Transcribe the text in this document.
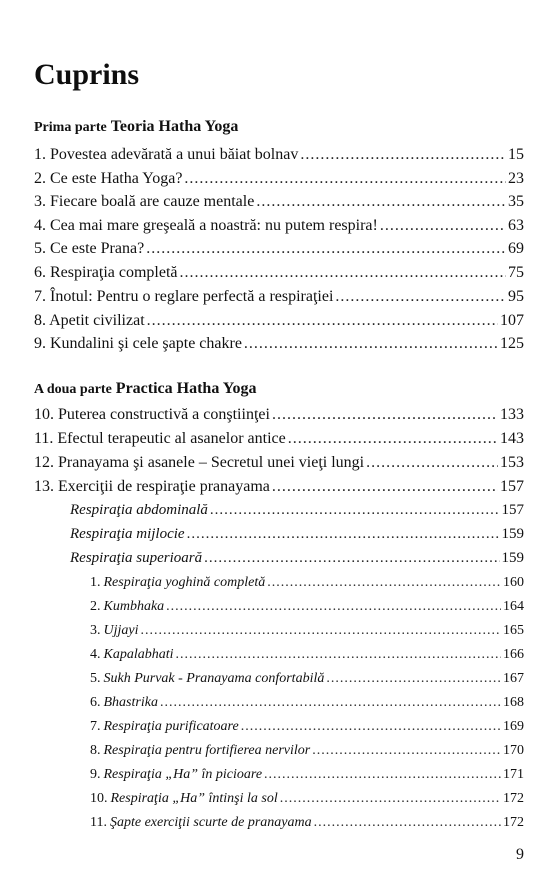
Cuprins
Prima parte Teoria Hatha Yoga
1. Povestea adevărată a unui băiat bolnav .....	15
2. Ce este Hatha Yoga? .....	23
3. Fiecare boală are cauze mentale .....	35
4. Cea mai mare greşeală a noastră: nu putem respira! .....	63
5. Ce este Prana? .....	69
6. Respiraţia completă .....	75
7. Înotul: Pentru o reglare perfectă a respiraţiei .....	95
8. Apetit civilizat .....	107
9. Kundalini şi cele şapte chakre .....	125
A doua parte Practica Hatha Yoga
10. Puterea constructivă a conştiinţei .....	133
11. Efectul terapeutic al asanelor antice .....	143
12. Pranayama şi asanele – Secretul unei vieţi lungi .....	153
13. Exerciţii de respiraţie pranayama .....	157
Respiraţia abdominală .....	157
Respiraţia mijlocie .....	159
Respiraţia superioară .....	159
1. Respiraţia yoghină completă .....	160
2. Kumbhaka .....	164
3. Ujjayi .....	165
4. Kapalabhati .....	166
5. Sukh Purvak - Pranayama confortabilă .....	167
6. Bhastrika .....	168
7. Respiraţia purificatoare .....	169
8. Respiraţia pentru fortifierea nervilor .....	170
9. Respiraţia „Ha” în picioare .....	171
10. Respiraţia „Ha” întinşi la sol .....	172
11. Şapte exerciţii scurte de pranayama .....	172
9
